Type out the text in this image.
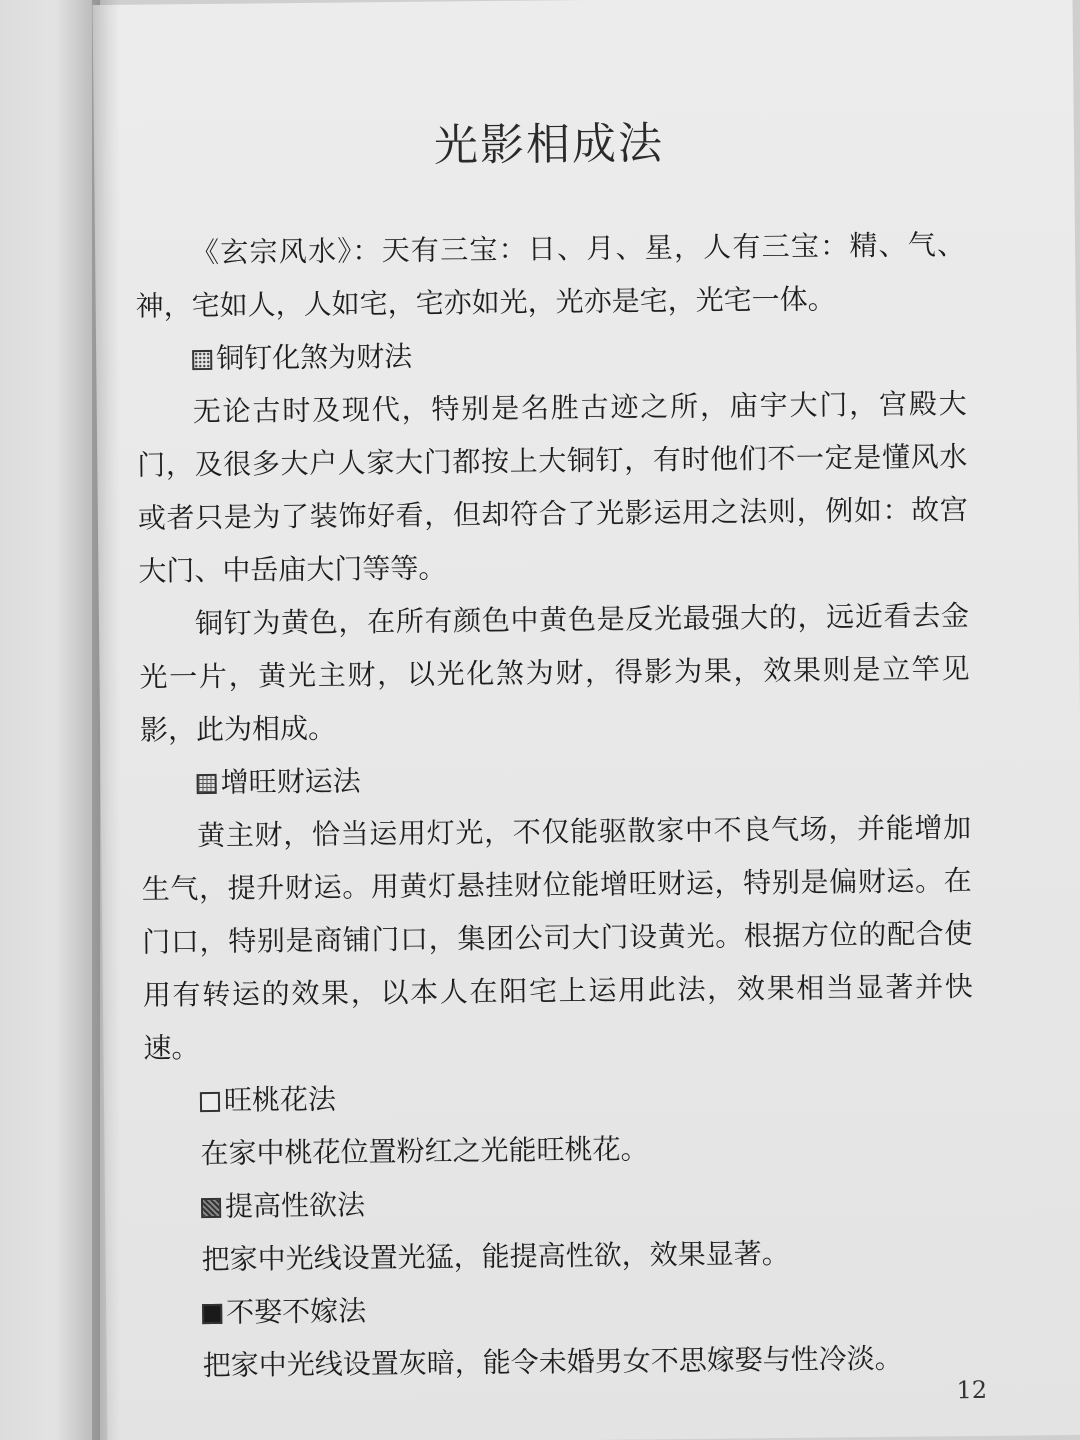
光影相成法

《玄宗风水》：天有三宝：日、月、星，人有三宝：精、气、神，宅如人，人如宅，宅亦如光，光亦是宅，光宅一体。

铜钉化煞为财法

无论古时及现代，特别是名胜古迹之所，庙宇大门，宫殿大门，及很多大户人家大门都按上大铜钉，有时他们不一定是懂风水或者只是为了装饰好看，但却符合了光影运用之法则，例如：故宫大门、中岳庙大门等等。

铜钉为黄色，在所有颜色中黄色是反光最强大的，远近看去金光一片，黄光主财，以光化煞为财，得影为果，效果则是立竿见影，此为相成。

增旺财运法

黄主财，恰当运用灯光，不仅能驱散家中不良气场，并能增加生气，提升财运。用黄灯悬挂财位能增旺财运，特别是偏财运。在门口，特别是商铺门口，集团公司大门设黄光。根据方位的配合使用有转运的效果，以本人在阳宅上运用此法，效果相当显著并快速。

旺桃花法

在家中桃花位置粉红之光能旺桃花。

提高性欲法

把家中光线设置光猛，能提高性欲，效果显著。

不娶不嫁法

把家中光线设置灰暗，能令未婚男女不思嫁娶与性冷淡。

12
